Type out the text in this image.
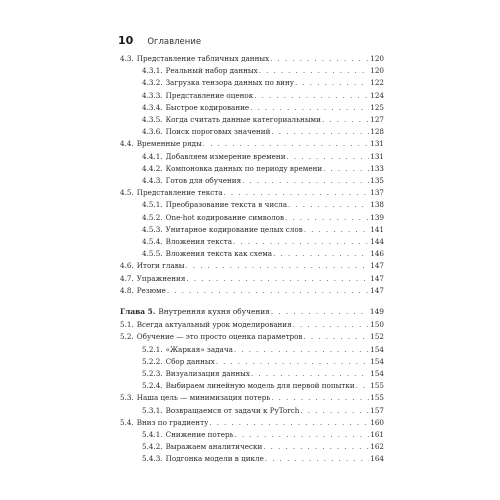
10 Оглавление
4.3. Представление табличных данных . . .	120
4.3.1. Реальный набор данных . . .	120
4.3.2. Загрузка тензора данных по вину . . .	122
4.3.3. Представление оценок . . .	124
4.3.4. Быстрое кодирование . . .	125
4.3.5. Когда считать данные категориальными . . .	127
4.3.6. Поиск пороговых значений . . .	128
4.4. Временные ряды . . .	131
4.4.1. Добавляем измерение времени . . .	131
4.4.2. Компоновка данных по периоду времени . . .	133
4.4.3. Готов для обучения . . .	135
4.5. Представление текста . . .	137
4.5.1. Преобразование текста в числа . . .	138
4.5.2. One-hot кодирование символов . . .	139
4.5.3. Унитарное кодирование целых слов . . .	141
4.5.4. Вложения текста . . .	144
4.5.5. Вложения текста как схема . . .	146
4.6. Итоги главы . . .	147
4.7. Упражнения . . .	147
4.8. Резюме . . .	147
Глава 5. Внутренняя кухня обучения . . .	149
5.1. Всегда актуальный урок моделирования . . .	150
5.2. Обучение — это просто оценка параметров . . .	152
5.2.1. «Жаркая» задача . . .	154
5.2.2. Сбор данных . . .	154
5.2.3. Визуализация данных . . .	154
5.2.4. Выбираем линейную модель для первой попытки . . . 155
5.3. Наша цель — минимизация потерь . . .	155
5.3.1. Возвращаемся от задачи к PyTorch . . .	157
5.4. Вниз по градиенту . . .	160
5.4.1. Снижение потерь . . .	161
5.4.2. Выражаем аналитически . . .	162
5.4.3. Подгонка модели в цикле . . .	164
